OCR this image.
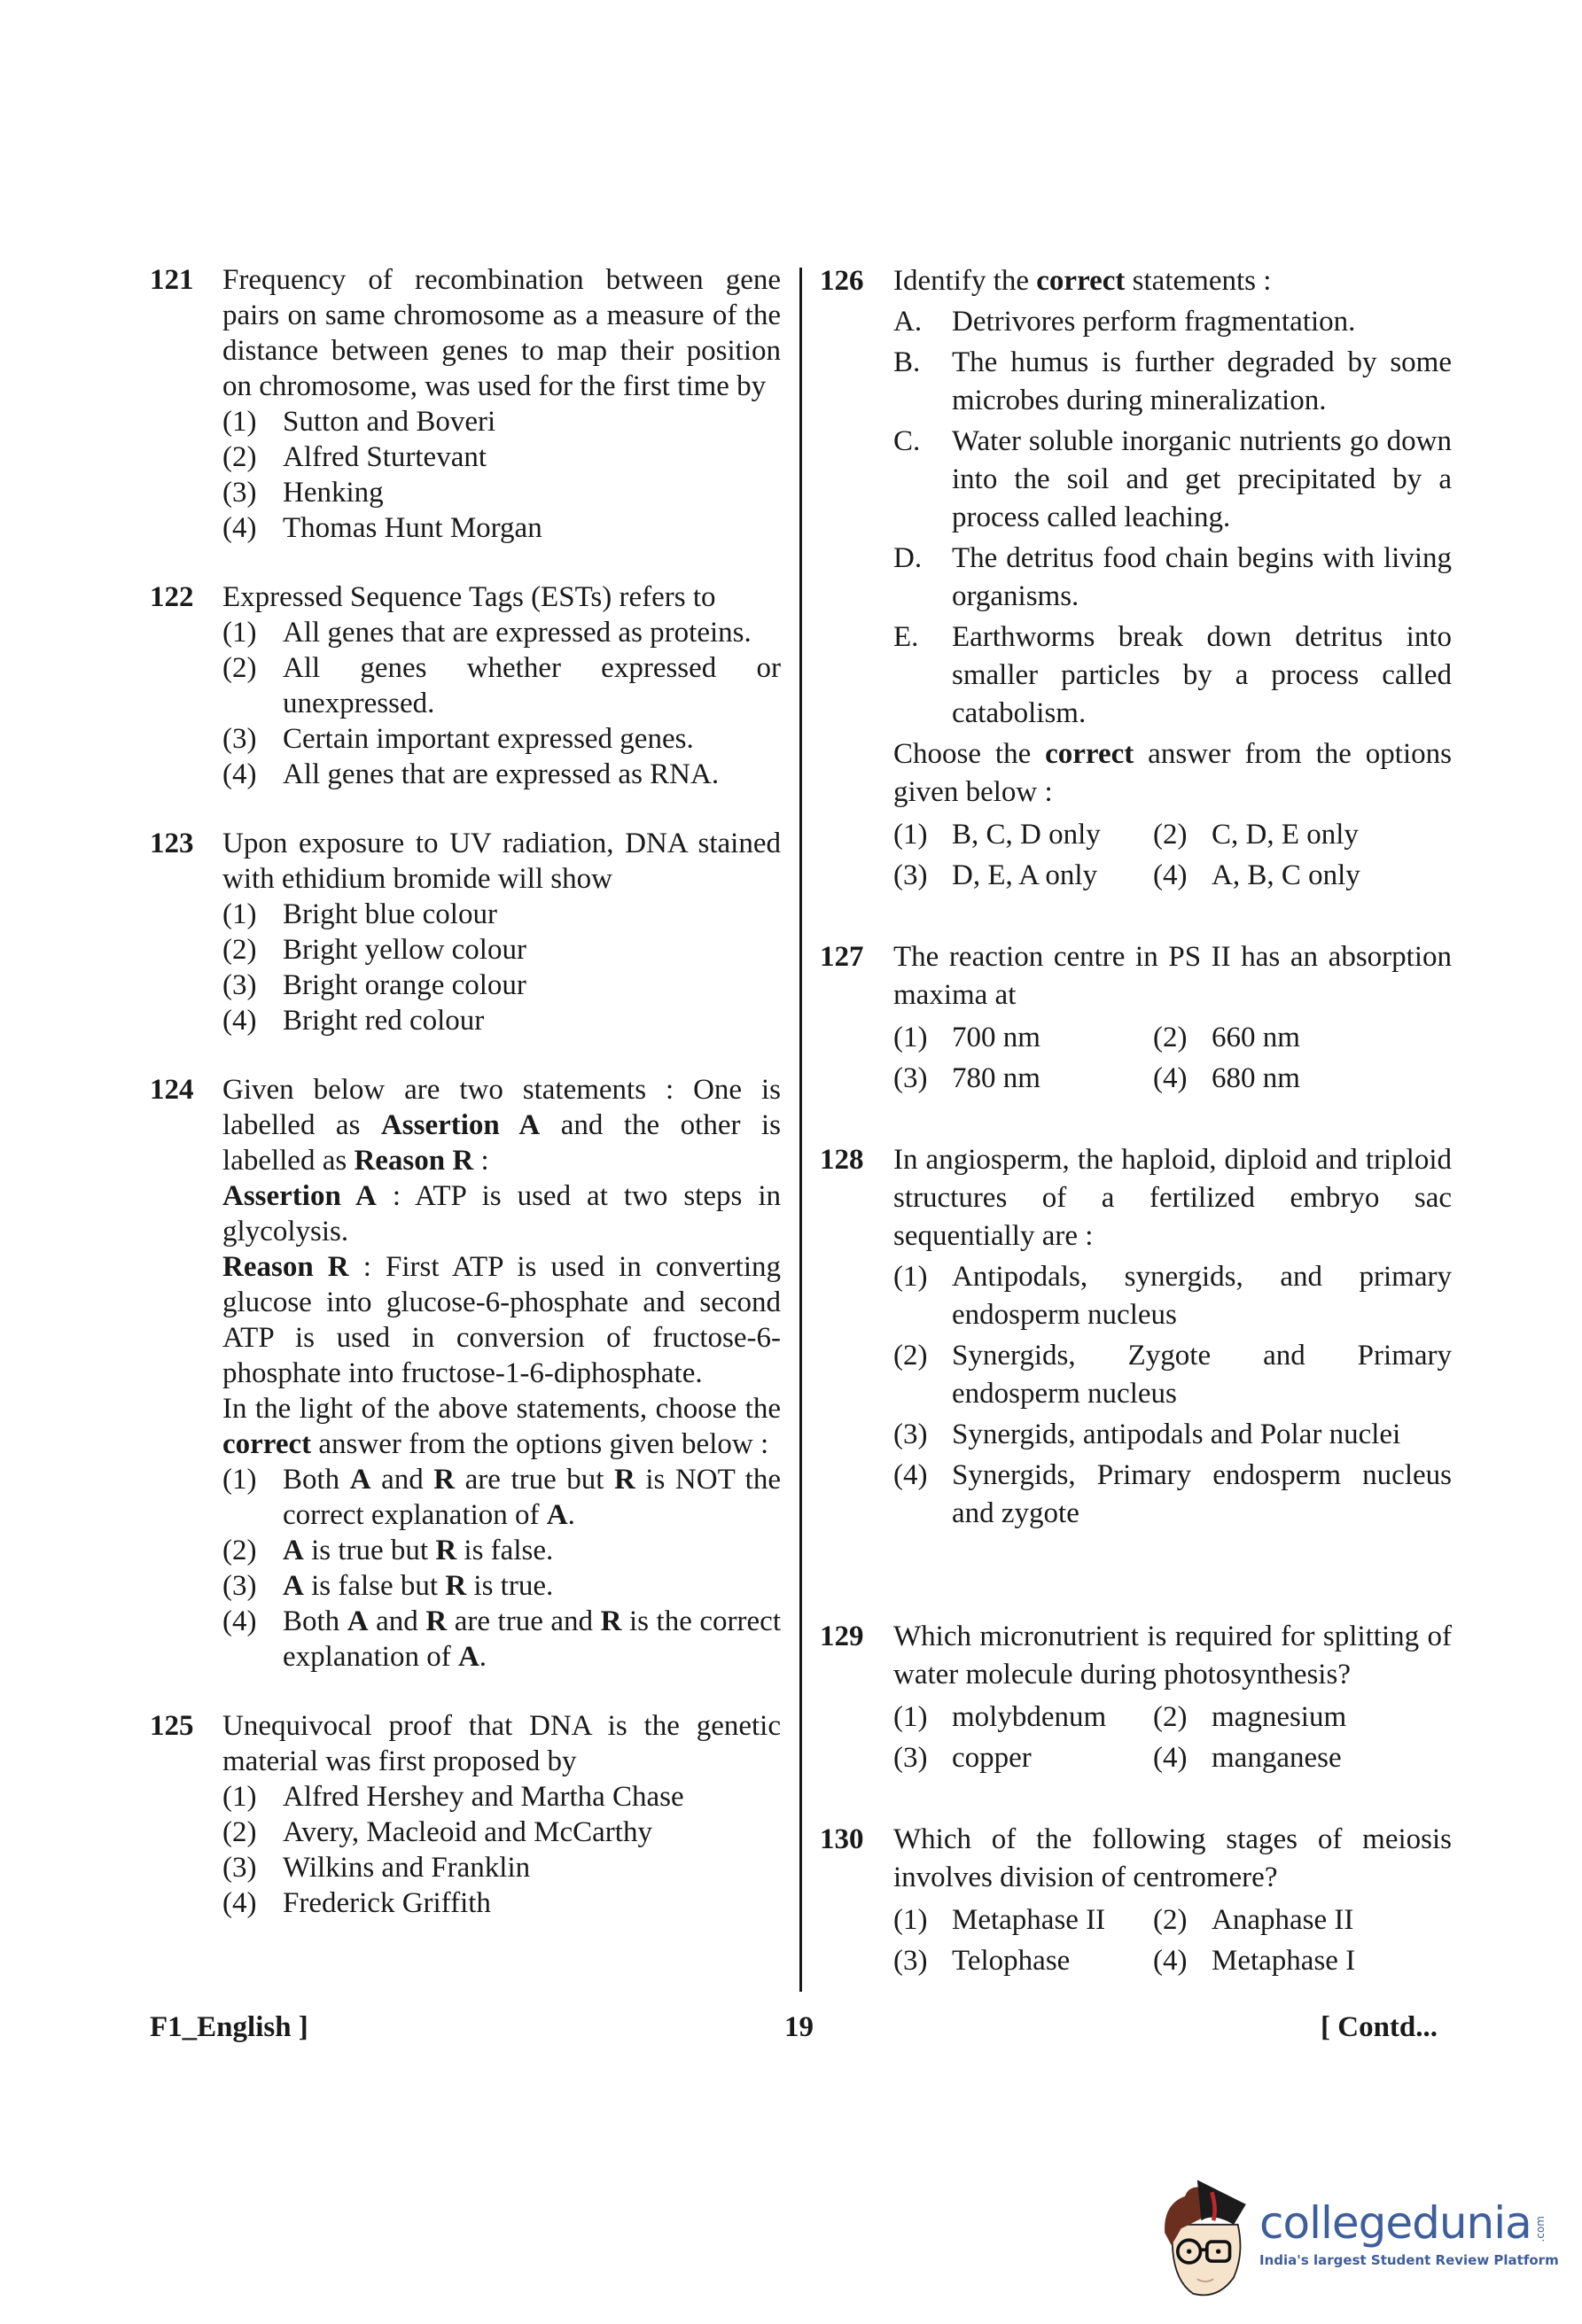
121 Frequency of recombination between gene pairs on same chromosome as a measure of the distance between genes to map their position on chromosome, was used for the first time by
(1) Sutton and Boveri
(2) Alfred Sturtevant
(3) Henking
(4) Thomas Hunt Morgan
122 Expressed Sequence Tags (ESTs) refers to
(1) All genes that are expressed as proteins.
(2) All genes whether expressed or unexpressed.
(3) Certain important expressed genes.
(4) All genes that are expressed as RNA.
123 Upon exposure to UV radiation, DNA stained with ethidium bromide will show
(1) Bright blue colour
(2) Bright yellow colour
(3) Bright orange colour
(4) Bright red colour
124 Given below are two statements : One is labelled as Assertion A and the other is labelled as Reason R :
Assertion A : ATP is used at two steps in glycolysis.
Reason R : First ATP is used in converting glucose into glucose-6-phosphate and second ATP is used in conversion of fructose-6-phosphate into fructose-1-6-diphosphate.
In the light of the above statements, choose the correct answer from the options given below :
(1) Both A and R are true but R is NOT the correct explanation of A.
(2) A is true but R is false.
(3) A is false but R is true.
(4) Both A and R are true and R is the correct explanation of A.
125 Unequivocal proof that DNA is the genetic material was first proposed by
(1) Alfred Hershey and Martha Chase
(2) Avery, Macleoid and McCarthy
(3) Wilkins and Franklin
(4) Frederick Griffith
126 Identify the correct statements :
A.	Detrivores perform fragmentation.
B.	The humus is further degraded by some microbes during mineralization.
C.	Water soluble inorganic nutrients go down into the soil and get precipitated by a process called leaching.
D.	The detritus food chain begins with living organisms.
E.	Earthworms break down detritus into smaller particles by a process called catabolism.
Choose the correct answer from the options given below :
(1) B, C, D only (2) C, D, E only
(3) D, E, A only (4) A, B, C only
127 The reaction centre in PS II has an absorption maxima at
(1) 700 nm	(2) 660 nm
(3) 780 nm	(4) 680 nm
128 In angiosperm, the haploid, diploid and triploid structures of a fertilized embryo sac sequentially are :
(1) Antipodals, synergids, and primary endosperm nucleus
(2) Synergids, Zygote and Primary endosperm nucleus
(3) Synergids, antipodals and Polar nuclei
(4) Synergids, Primary endosperm nucleus and zygote
129 Which micronutrient is required for splitting of water molecule during photosynthesis?
(1) molybdenum (2) magnesium
(3) copper	(4) manganese
130 Which of the following stages of meiosis involves division of centromere?
(1) Metaphase II (2) Anaphase II
(3) Telophase	(4) Metaphase I
F1_English ]	19	[ Contd...
collegedunia .com
India's largest Student Review Platform
